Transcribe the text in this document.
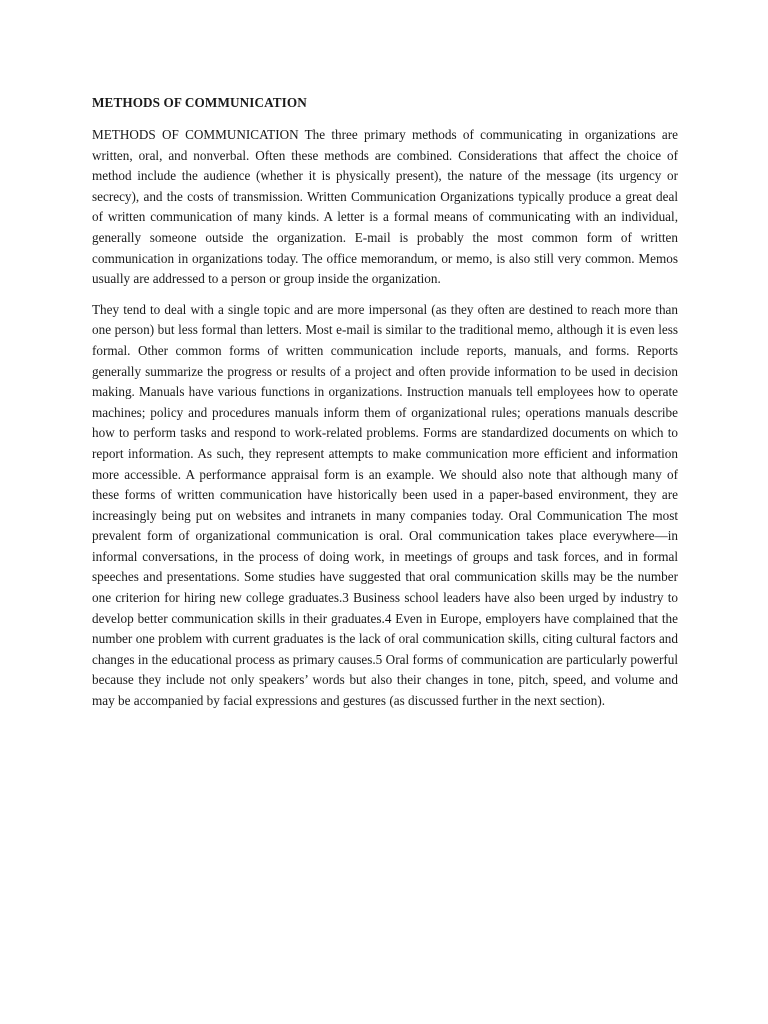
METHODS OF COMMUNICATION

METHODS OF COMMUNICATION The three primary methods of communicating in organizations are written, oral, and nonverbal. Often these methods are combined. Considerations that affect the choice of method include the audience (whether it is physically present), the nature of the message (its urgency or secrecy), and the costs of transmission. Written Communication Organizations typically produce a great deal of written communication of many kinds. A letter is a formal means of communicating with an individual, generally someone outside the organization. E-mail is probably the most common form of written communication in organizations today. The office memorandum, or memo, is also still very common. Memos usually are addressed to a person or group inside the organization.

They tend to deal with a single topic and are more impersonal (as they often are destined to reach more than one person) but less formal than letters. Most e-mail is similar to the traditional memo, although it is even less formal. Other common forms of written communication include reports, manuals, and forms. Reports generally summarize the progress or results of a project and often provide information to be used in decision making. Manuals have various functions in organizations. Instruction manuals tell employees how to operate machines; policy and procedures manuals inform them of organizational rules; operations manuals describe how to perform tasks and respond to work-related problems. Forms are standardized documents on which to report information. As such, they represent attempts to make communication more efficient and information more accessible. A performance appraisal form is an example. We should also note that although many of these forms of written communication have historically been used in a paper-based environment, they are increasingly being put on websites and intranets in many companies today. Oral Communication The most prevalent form of organizational communication is oral. Oral communication takes place everywhere—in informal conversations, in the process of doing work, in meetings of groups and task forces, and in formal speeches and presentations. Some studies have suggested that oral communication skills may be the number one criterion for hiring new college graduates.3 Business school leaders have also been urged by industry to develop better communication skills in their graduates.4 Even in Europe, employers have complained that the number one problem with current graduates is the lack of oral communication skills, citing cultural factors and changes in the educational process as primary causes.5 Oral forms of communication are particularly powerful because they include not only speakers’ words but also their changes in tone, pitch, speed, and volume and may be accompanied by facial expressions and gestures (as discussed further in the next section).
